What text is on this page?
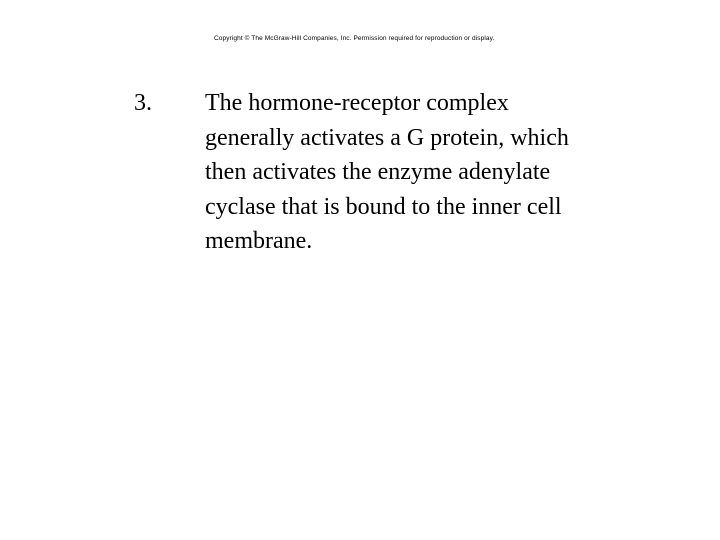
Copyright © The McGraw-Hill Companies, Inc. Permission required for reproduction or display.
3. The hormone-receptor complex
generally activates a G protein, which
then activates the enzyme adenylate
cyclase that is bound to the inner cell
membrane.
